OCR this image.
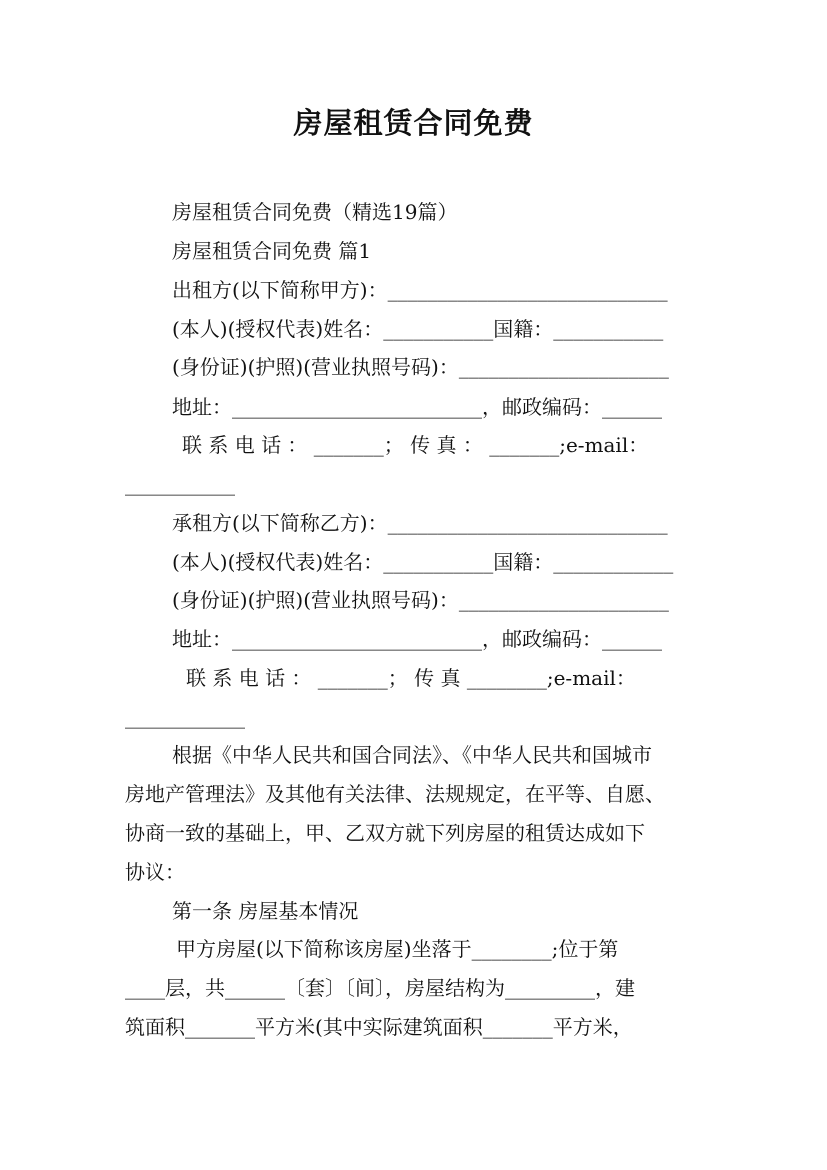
房屋租赁合同免费
房屋租赁合同免费（精选19篇）
房屋租赁合同免费 篇1
出租方(以下简称甲方)：____________________________
(本人)(授权代表)姓名：___________国籍：___________
(身份证)(护照)(营业执照号码)：_____________________
地址：_________________________，邮政编码：______
联 系 电 话 ： _______； 传 真 ： _______;e-mail：
___________
承租方(以下简称乙方)：____________________________
(本人)(授权代表)姓名：___________国籍：____________
(身份证)(护照)(营业执照号码)：_____________________
地址：_________________________，邮政编码：______
联 系 电 话 ： _______； 传 真 ________;e-mail：
____________
根据《中华人民共和国合同法》、《中华人民共和国城市
房地产管理法》及其他有关法律、法规规定，在平等、自愿、
协商一致的基础上，甲、乙双方就下列房屋的租赁达成如下
协议：
第一条 房屋基本情况
甲方房屋(以下简称该房屋)坐落于________;位于第
____层，共______〔套〕〔间〕，房屋结构为_________，建
筑面积_______平方米(其中实际建筑面积_______平方米，
